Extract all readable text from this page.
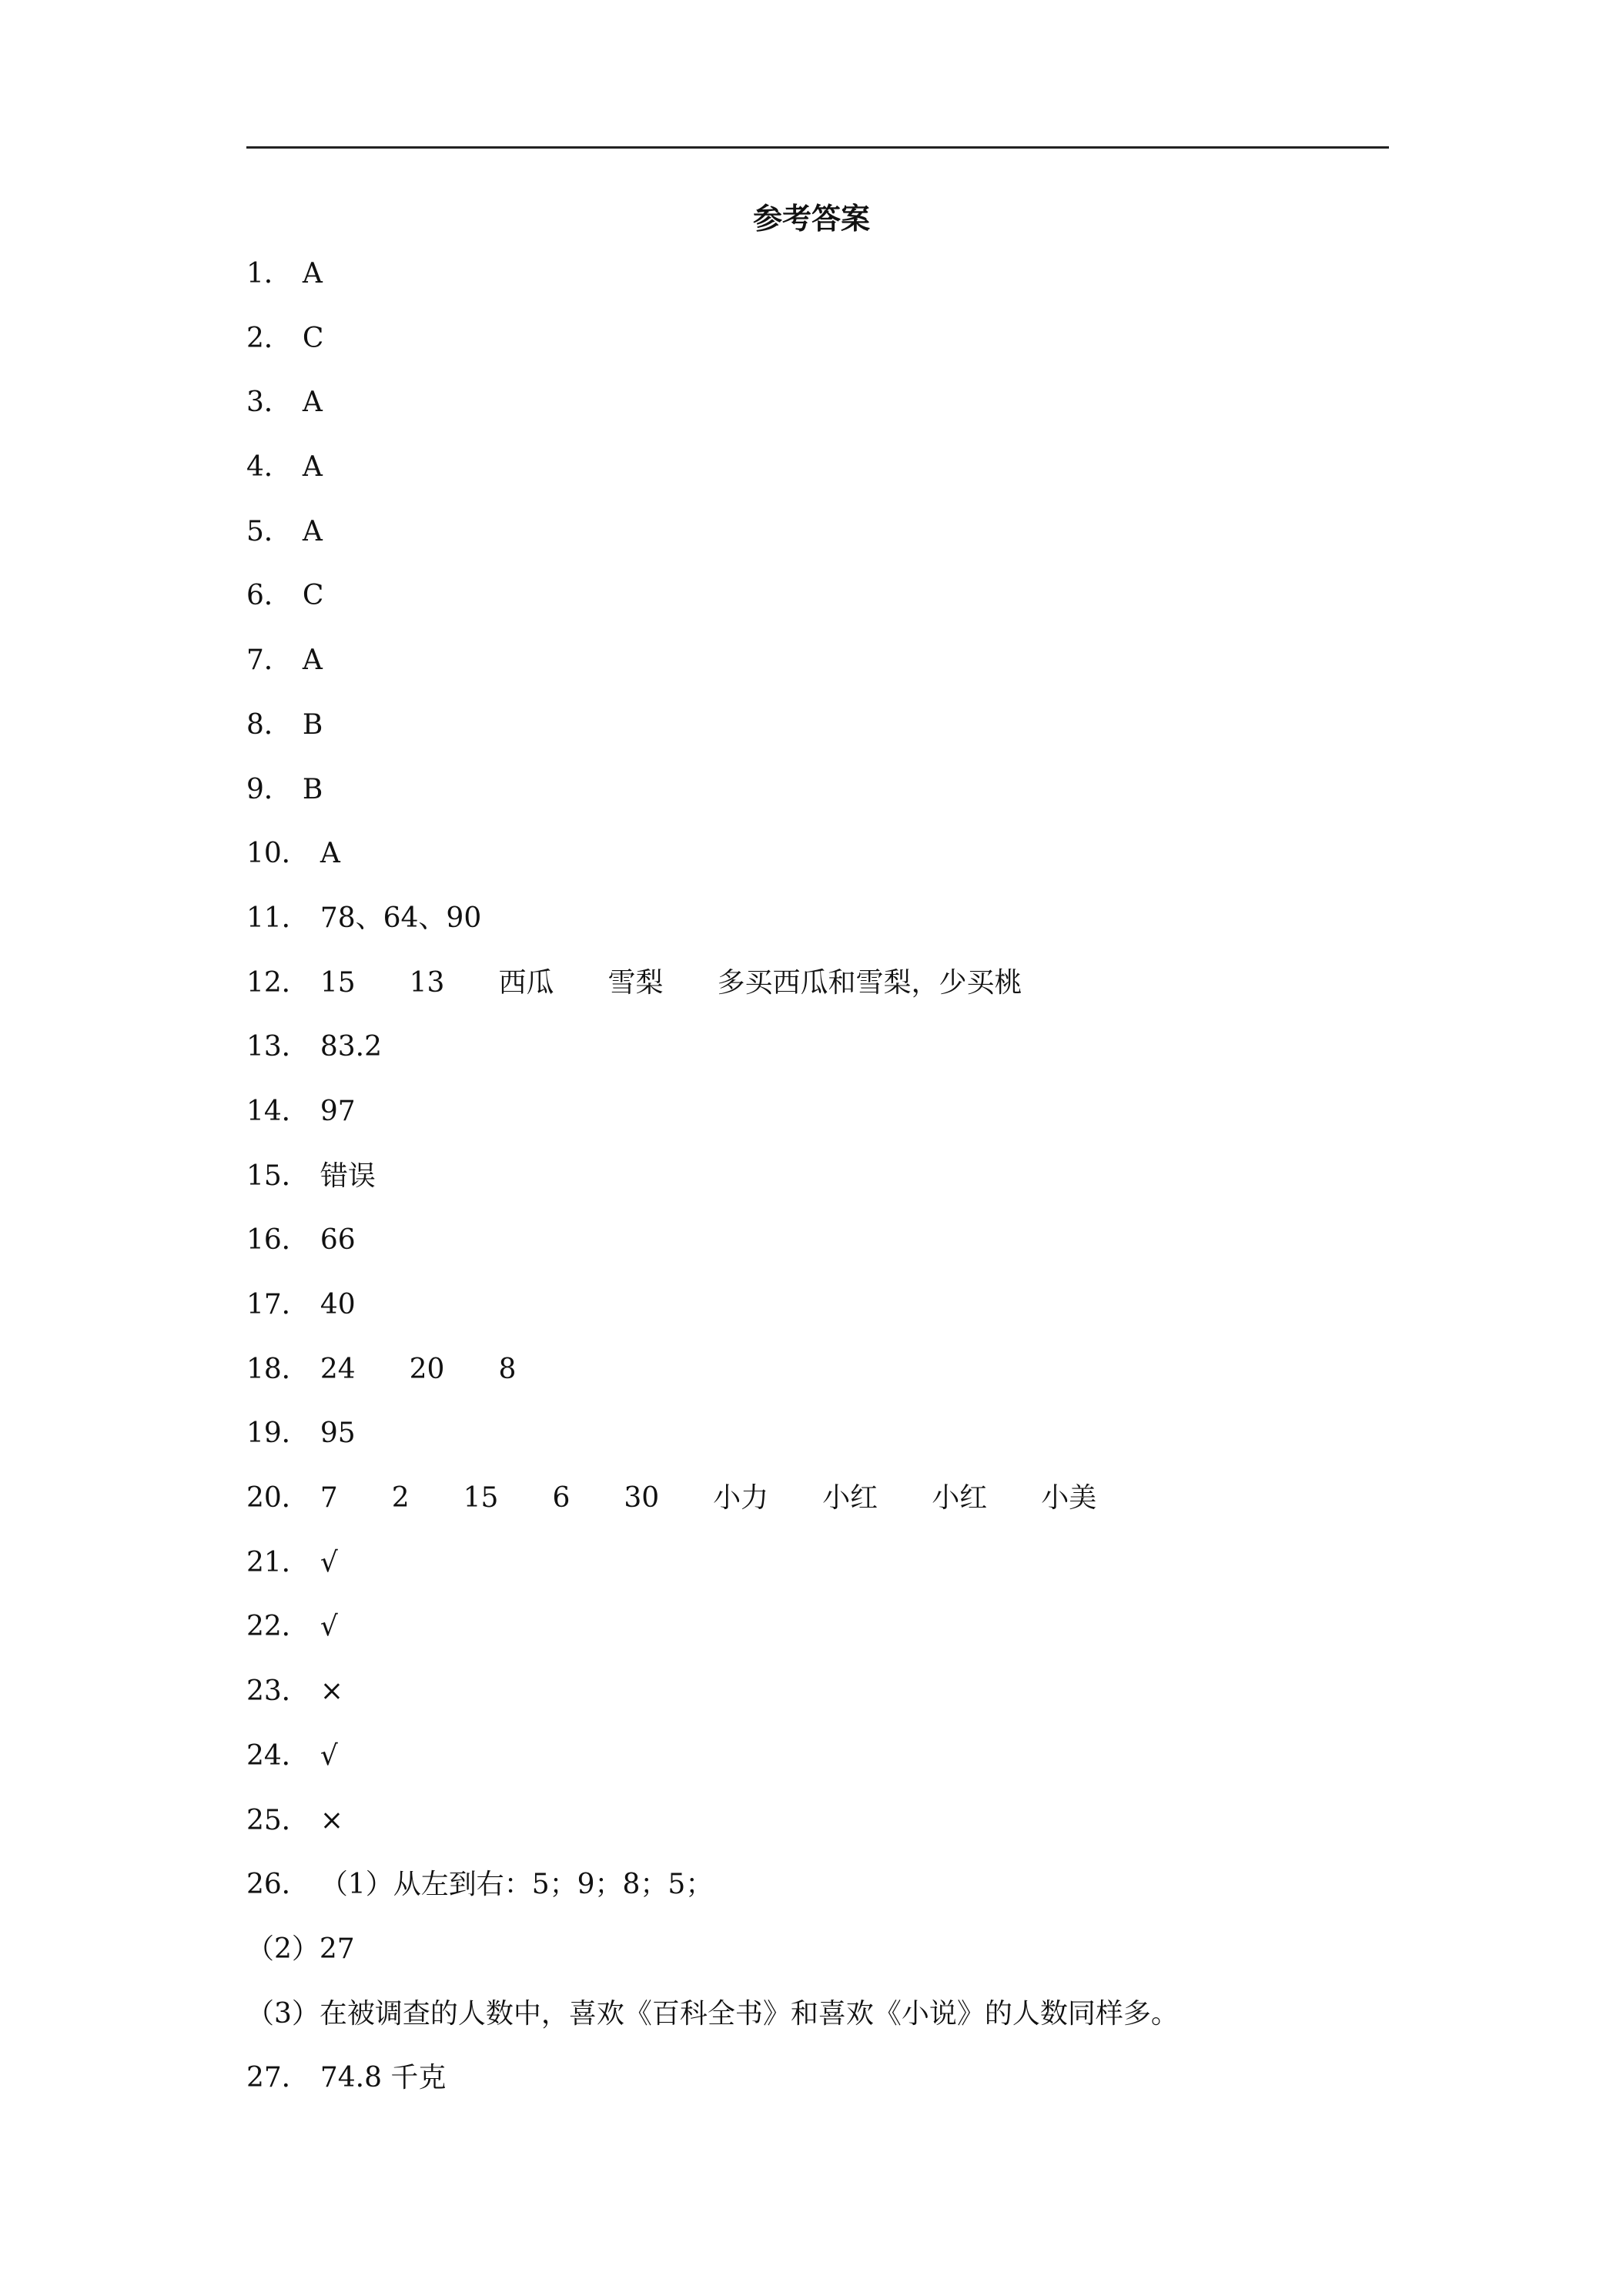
参考答案
1． A
2． C
3． A
4． A
5． A
6． C
7． A
8． B
9． B
10． A
11． 78、64、90
12． 15 13 西瓜 雪梨 多买西瓜和雪梨，少买桃
13． 83.2
14． 97
15． 错误
16． 66
17． 40
18． 24 20 8
19． 95
20． 7 2 15 6 30 小力 小红 小红 小美
21． √
22． √
23． ×
24． √
25． ×
26． （1）从左到右：5；9；8；5；
（2）27
（3）在被调查的人数中，喜欢《百科全书》和喜欢《小说》的人数同样多。
27． 74.8 千克
